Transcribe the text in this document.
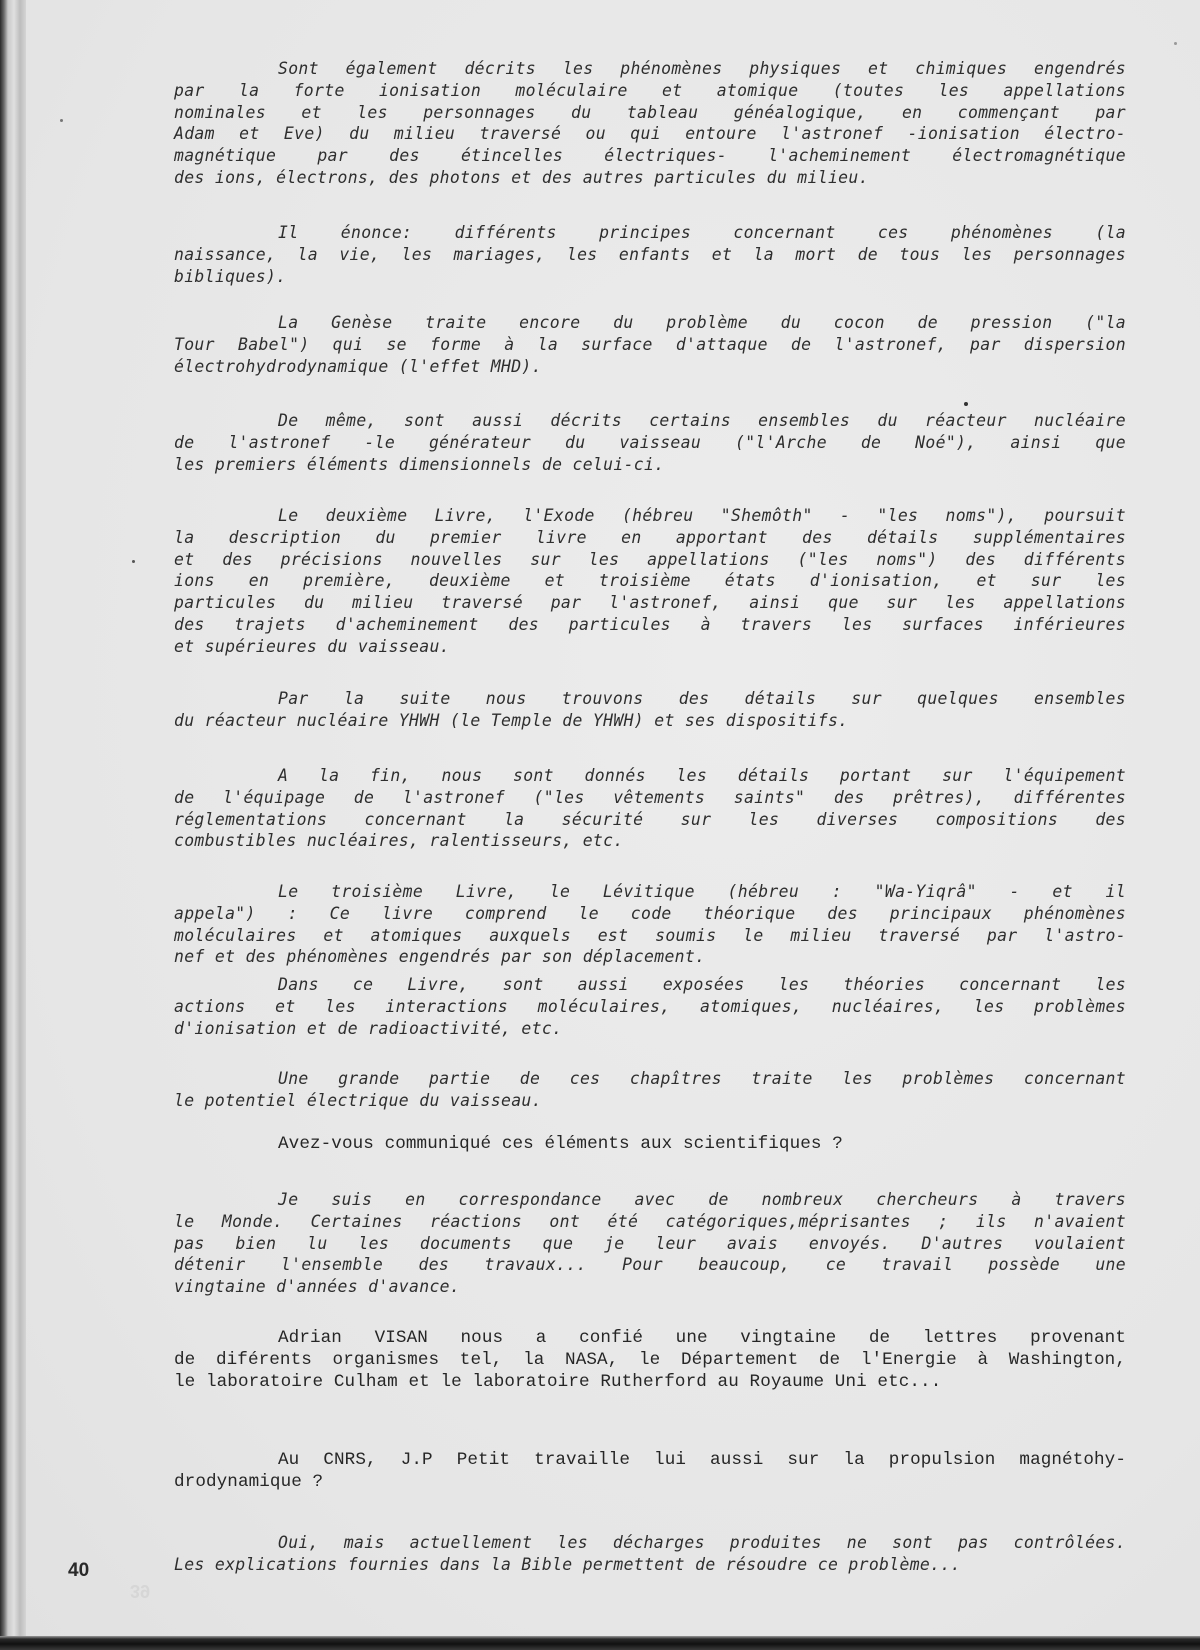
Sont également décrits les phénomènes physiques et chimiques engendrés
par la forte ionisation moléculaire et atomique (toutes les appellations
nominales et les personnages du tableau généalogique, en commençant par
Adam et Eve) du milieu traversé ou qui entoure l'astronef -ionisation électro-
magnétique par des étincelles électriques- l'acheminement électromagnétique
des ions, électrons, des photons et des autres particules du milieu.
Il énonce: différents principes concernant ces phénomènes (la
naissance, la vie, les mariages, les enfants et la mort de tous les personnages
bibliques).
La Genèse traite encore du problème du cocon de pression ("la
Tour Babel") qui se forme à la surface d'attaque de l'astronef, par dispersion
électrohydrodynamique (l'effet MHD).
De même, sont aussi décrits certains ensembles du réacteur nucléaire
de l'astronef -le générateur du vaisseau ("l'Arche de Noé"), ainsi que
les premiers éléments dimensionnels de celui-ci.
Le deuxième Livre, l'Exode (hébreu "Shemôth" - "les noms"), poursuit
la description du premier livre en apportant des détails supplémentaires
et des précisions nouvelles sur les appellations ("les noms") des différents
ions en première, deuxième et troisième états d'ionisation, et sur les
particules du milieu traversé par l'astronef, ainsi que sur les appellations
des trajets d'acheminement des particules à travers les surfaces inférieures
et supérieures du vaisseau.
Par la suite nous trouvons des détails sur quelques ensembles
du réacteur nucléaire YHWH (le Temple de YHWH) et ses dispositifs.
A la fin, nous sont donnés les détails portant sur l'équipement
de l'équipage de l'astronef ("les vêtements saints" des prêtres), différentes
réglementations concernant la sécurité sur les diverses compositions des
combustibles nucléaires, ralentisseurs, etc.
Le troisième Livre, le Lévitique (hébreu : "Wa-Yiqrâ" - et il
appela") : Ce livre comprend le code théorique des principaux phénomènes
moléculaires et atomiques auxquels est soumis le milieu traversé par l'astro-
nef et des phénomènes engendrés par son déplacement.
Dans ce Livre, sont aussi exposées les théories concernant les
actions et les interactions moléculaires, atomiques, nucléaires, les problèmes
d'ionisation et de radioactivité, etc.
Une grande partie de ces chapîtres traite les problèmes concernant
le potentiel électrique du vaisseau.
Avez-vous communiqué ces éléments aux scientifiques ?
Je suis en correspondance avec de nombreux chercheurs à travers
le Monde. Certaines réactions ont été catégoriques,méprisantes ; ils n'avaient
pas bien lu les documents que je leur avais envoyés. D'autres voulaient
détenir l'ensemble des travaux... Pour beaucoup, ce travail possède une
vingtaine d'années d'avance.
Adrian VISAN nous a confié une vingtaine de lettres provenant
de diférents organismes tel, la NASA, le Département de l'Energie à Washington,
le laboratoire Culham et le laboratoire Rutherford au Royaume Uni etc...
Au CNRS, J.P Petit travaille lui aussi sur la propulsion magnétohy-
drodynamique ?
Oui, mais actuellement les décharges produites ne sont pas contrôlées.
Les explications fournies dans la Bible permettent de résoudre ce problème...
40
39
